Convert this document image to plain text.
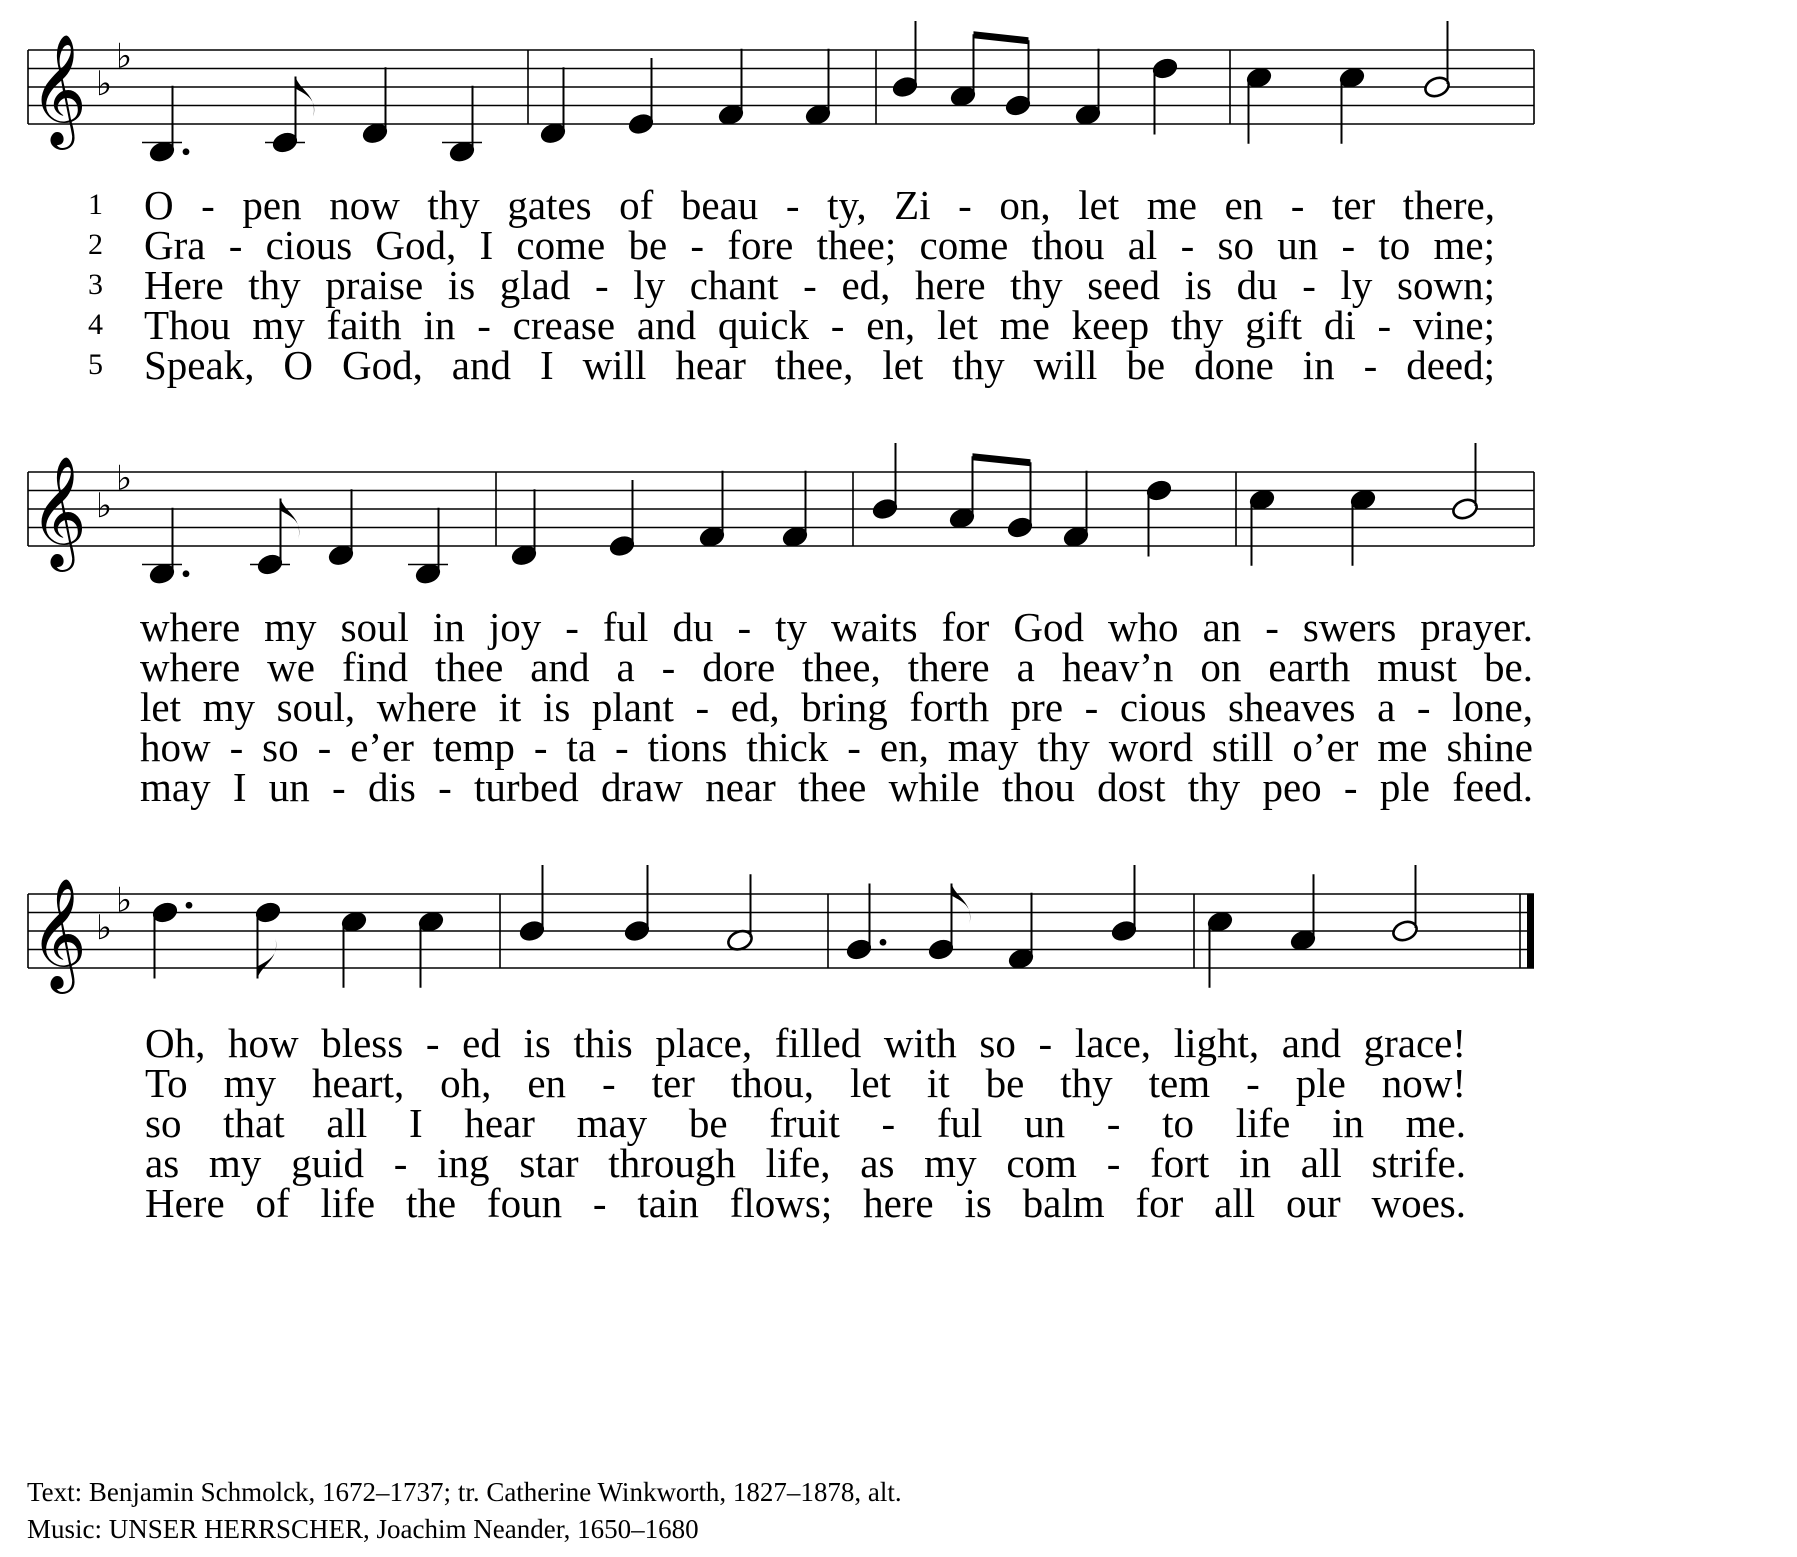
𝄞 ♭
♭
𝄞 ♭
♭
𝄞 ♭
♭
1
2
3
4
5
O - pen now thy gates of beau - ty, Zi - on, let me en - ter there,
Gra - cious God, I come be - fore thee; come thou al - so un - to me;
Here thy praise is glad - ly chant - ed, here thy seed is du - ly sown;
Thou my faith in - crease and quick - en, let me keep thy gift di - vine;
Speak, O God, and I will hear thee, let thy will be done in - deed;
where my soul in joy - ful du - ty waits for God who an - swers prayer.
where we find thee and a - dore thee, there a heav’n on earth must be.
let my soul, where it is plant - ed, bring forth pre - cious sheaves a - lone,
how - so - e’er temp - ta - tions thick - en, may thy word still o’er me shine
may I un - dis - turbed draw near thee while thou dost thy peo - ple feed.
Oh, how bless - ed is this place, filled with so - lace, light, and grace!
To my heart, oh, en - ter thou, let it be thy tem - ple now!
so that all I hear may be fruit - ful un - to life in me.
as my guid - ing star through life, as my com - fort in all strife.
Here of life the foun - tain flows; here is balm for all our woes.
Text: Benjamin Schmolck, 1672–1737; tr. Catherine Winkworth, 1827–1878, alt.
Music: UNSER HERRSCHER, Joachim Neander, 1650–1680
